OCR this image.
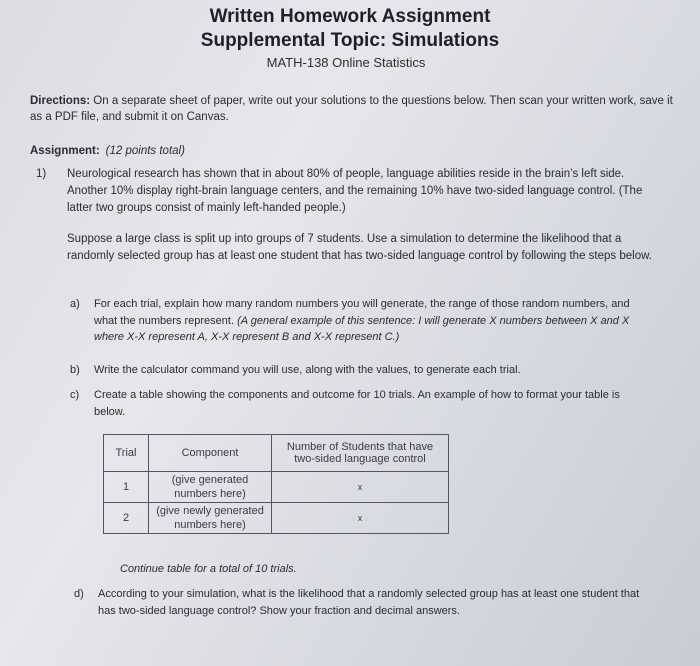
Written Homework Assignment
Supplemental Topic: Simulations
MATH-138 Online Statistics
Directions: On a separate sheet of paper, write out your solutions to the questions below. Then scan your written work, save it as a PDF file, and submit it on Canvas.
Assignment: (12 points total)
1) Neurological research has shown that in about 80% of people, language abilities reside in the brain’s left side. Another 10% display right-brain language centers, and the remaining 10% have two-sided language control. (The latter two groups consist of mainly left-handed people.)
Suppose a large class is split up into groups of 7 students. Use a simulation to determine the likelihood that a randomly selected group has at least one student that has two-sided language control by following the steps below.
a) For each trial, explain how many random numbers you will generate, the range of those random numbers, and what the numbers represent. (A general example of this sentence: I will generate X numbers between X and X where X-X represent A, X-X represent B and X-X represent C.)
b) Write the calculator command you will use, along with the values, to generate each trial.
c) Create a table showing the components and outcome for 10 trials. An example of how to format your table is below.
Trial	Component	Number of Students that have two-sided language control
1	(give generated numbers here)	x
2	(give newly generated numbers here)	x
Continue table for a total of 10 trials.
d) According to your simulation, what is the likelihood that a randomly selected group has at least one student that has two-sided language control? Show your fraction and decimal answers.
